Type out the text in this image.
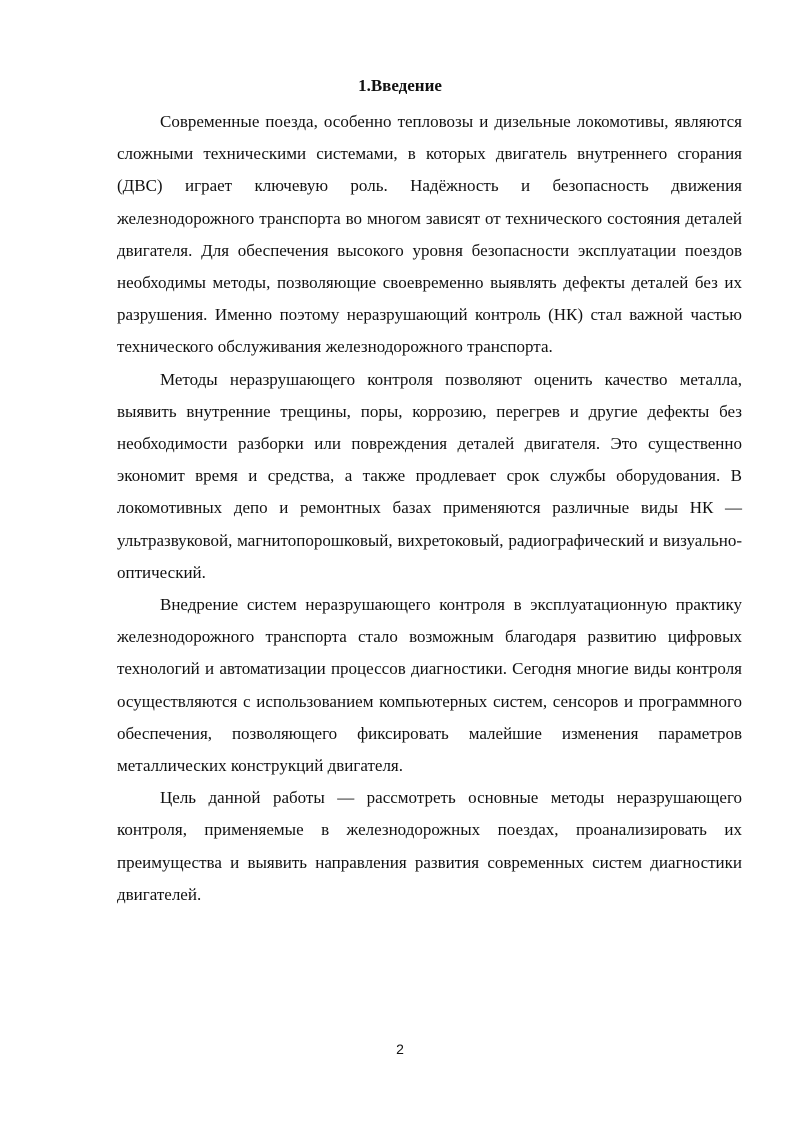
1.Введение

Современные поезда, особенно тепловозы и дизельные локомотивы, являются сложными техническими системами, в которых двигатель внутреннего сгорания (ДВС) играет ключевую роль. Надёжность и безопасность движения железнодорожного транспорта во многом зависят от технического состояния деталей двигателя. Для обеспечения высокого уровня безопасности эксплуатации поездов необходимы методы, позволяющие своевременно выявлять дефекты деталей без их разрушения. Именно поэтому неразрушающий контроль (НК) стал важной частью технического обслуживания железнодорожного транспорта.

Методы неразрушающего контроля позволяют оценить качество металла, выявить внутренние трещины, поры, коррозию, перегрев и другие дефекты без необходимости разборки или повреждения деталей двигателя. Это существенно экономит время и средства, а также продлевает срок службы оборудования. В локомотивных депо и ремонтных базах применяются различные виды НК — ультразвуковой, магнитопорошковый, вихретоковый, радиографический и визуально-оптический.

Внедрение систем неразрушающего контроля в эксплуатационную практику железнодорожного транспорта стало возможным благодаря развитию цифровых технологий и автоматизации процессов диагностики. Сегодня многие виды контроля осуществляются с использованием компьютерных систем, сенсоров и программного обеспечения, позволяющего фиксировать малейшие изменения параметров металлических конструкций двигателя.

Цель данной работы — рассмотреть основные методы неразрушающего контроля, применяемые в железнодорожных поездах, проанализировать их преимущества и выявить направления развития современных систем диагностики двигателей.

2
